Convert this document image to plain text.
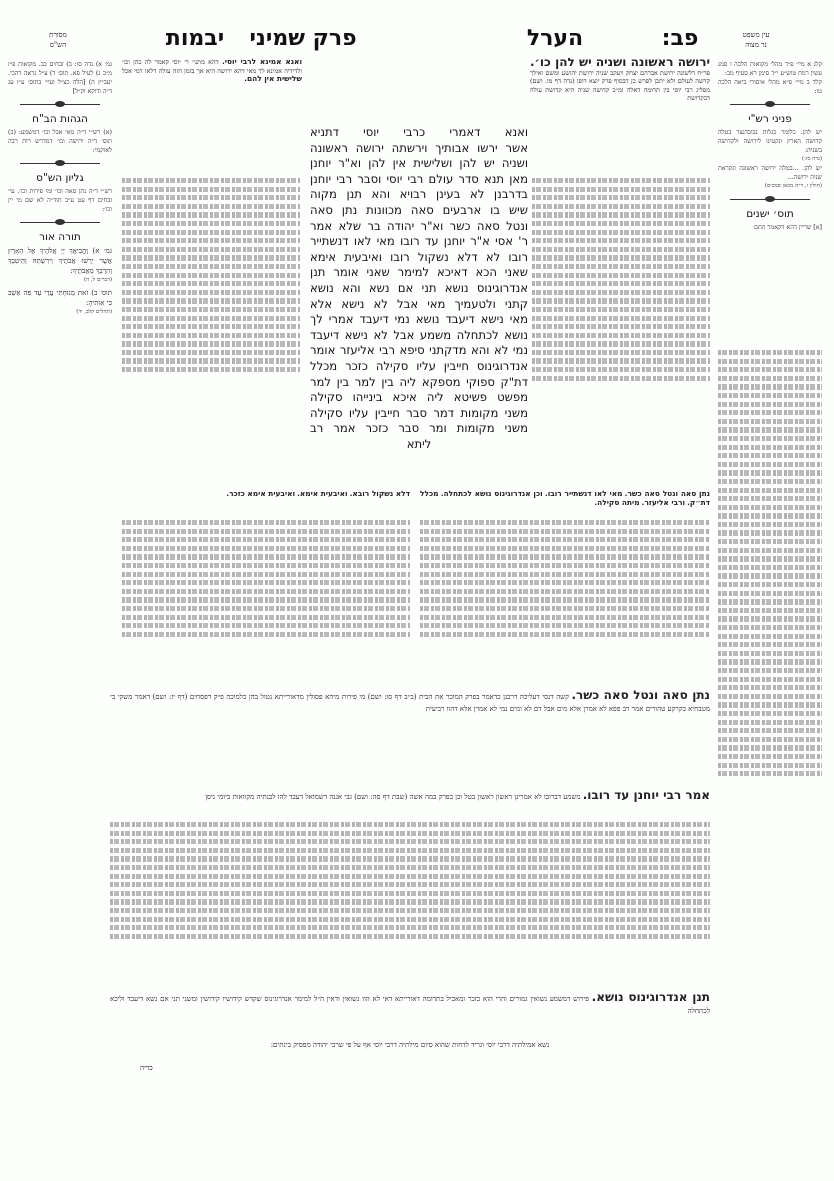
מסורת
הש"ס	יבמות	פרק שמיני	הערל	פב:	עין משפט
נר מצוה
גמ׳ א) נדה סו: ב) זבחים כב. מקואות פ״ז מ״ב ג) לעיל פא. תוס׳ ד) צ״ל נראה דהכי. יעב״ץ ה) [הלה כצ״ל ועיי׳ בתוס׳ ע״ז עג ד״ה ודוקא וק״ל]
הגהות הב"ח
(א) רש״י ד״ה מאי אבל וכו׳ דמשמע: (ב) תוס׳ ד״ה ירושה וכו׳ דמדרש רות רבה לאוקמי:
גליון הש"ס
רש״י ד״ה נתן סאה וכו׳ ומי פירות וכו׳. עי׳ זבחים דף עט ע״ב תוד״ה לא שם מי יין וכו׳:
תורה אור
גמ׳ א) וֶהֱבִיאֲךָ יְיָ אֱלֹהֶיךָ אֶל הָאָרֶץ אֲשֶׁר יָרְשׁוּ אֲבֹתֶיךָ וִירִשְׁתָּהּ וְהֵיטִבְךָ וְהִרְבְּךָ מֵאֲבֹתֶיךָ:
(דברים ל, ה)
תוס׳ ב) זֹאת מְנוּחָתִי עֲדֵי עַד פֹּה אֵשֵׁב כִּי אִוִּתִיהָ:
(תהלים קלב, יד)
קלג א מיי׳ פ״ד מהל׳ מקואות הלכה ו סמג עשין רמח טוש״ע י״ד סימן רא סעיף מב:
קלד ב מיי׳ פ״א מהל׳ איסורי ביאה הלכה טו:
פניני רש"י
יש להן. כלומר כגלות נבוכדנצר בטלה קדושה הארץ ונקטינו לירושה ולקדושה בשניה:
(נדה סו:)
יש להן. ...בטלה ירושה ראשונה ונקראת שניה ירושה...
(חולין ז, ד״ה מכאן סמכים)
תוס׳ ישנים
[א] שריין דהא דקאמר התם
ירושה ראשונה ושניה יש להן כו׳. פר״ח דלשונה ירושת אברהם יצחק ויעקב שניה ירושת יהושע ומשם ואילך קדשה לעולם ולא יתכן לפרש כן דבסוף פרק יוצא דופן (נדה דף מו. ושם) מפליג רבי יוסי בין תרומה דאלה ומ״כ קדושה שניה היא קדושת עולה דבקדושת
ואנא אמינא לרבי יוסי. דהא מתני׳ ר׳ יוסי קאמר לה כהן וכו׳ ולדידיה אמינא לך מאי דהא ירושה היא אך בזמן הזה עולה דלאו דמי אכל שלישית אין להם.
ואנא דאמרי כרבי יוסי דתניא
אשר ירשו אבותיך וירשתה ירושה ראשונה
ושניה יש להן ושלישית אין להן וא"ר יוחנן
מאן תנא סדר עולם רבי יוסי וסבר רבי יוחנן
בדרבנן לא בעינן רבויא והא תנן מקוה
שיש בו ארבעים סאה מכוונות נתן סאה
ונטל סאה כשר וא"ר יהודה בר שלא אמר
ר' אסי א"ר יוחנן עד רובו מאי לאו דנשתייר
רובו לא דלא נשקול רובו ואיבעית אימא
שאני הכא דאיכא למימר שאני אומר תנן
אנדרוגינוס נושא תני אם נשא והא נושא
קתני ולטעמיך מאי אבל לא נישא אלא
מאי נישא דיעבד נושא נמי דיעבד אמרי לך
נושא לכתחלה משמע אבל לא נישא דיעבד
נמי לא והא מדקתני סיפא רבי אליעזר אומר
אנדרוגינוס חייבין עליו סקילה כזכר מכלל
דת"ק ספוקי מספקא ליה בין למר בין למר
מפשט פשיטא ליה איכא בינייהו סקילה
משני מקומות דמר סבר חייבין עליו סקילה
משני מקומות ומר סבר כזכר אמר רב
ליתא
נתן סאה ונטל סאה כשר. מאי לאו דנשתייר רובו. וכן אנדרוגינוס נושא לכתחלה. מכלל דת״ק. ורבי אליעזר. מיתה סקילה.
דלא נשקול רובא. ואיבעית אימא. ואיבעית אימא כזכר.
נתן סאה ונטל סאה כשר. קשה דנסי דעליכה דרבנן כדאמר בפרק המוכר את הבית (ב״ב דף סו: ושם) מי פירות מיהא פסולין מדאורייתא נטול בהן כלמוכה פ״ק דפסחים (דף יז: ושם) דאמר משקי בי מטבחיא בקרקע טהורים אמר רב פפא לא אמרן אלא מים אבל דם לא ומים נמי לא אמרן אלא דהוו רביעית
אמר רבי יוחנן עד רובו. משמע דברובו לא אמרינן ראשון ראשון בטל וכן בפרק במה אשה (שבת דף סה: ושם) גבי אגנה דשמואל דעבד להו לבנתיה מקוואות ביומי ניסן
תנן אנדרוגינוס נושא. פירוש דמשמע נשואין גמורים והרי הוא כזכר ומאכיל בתרומה דאורייתא דאי לא הוו נשואין ודאין ה״ל למימר אנדרוגינוס שקדש קידושיו קידושין ומשני תני אם נשא דיעבד וליכא לכתחלה
נשא אמילתיה דרבי יוסי וגריד לדחות שהוא סיום מילתיה דרבי יוסי אף על פי שרבי יהודה מפסיק בינתים:
כריה
